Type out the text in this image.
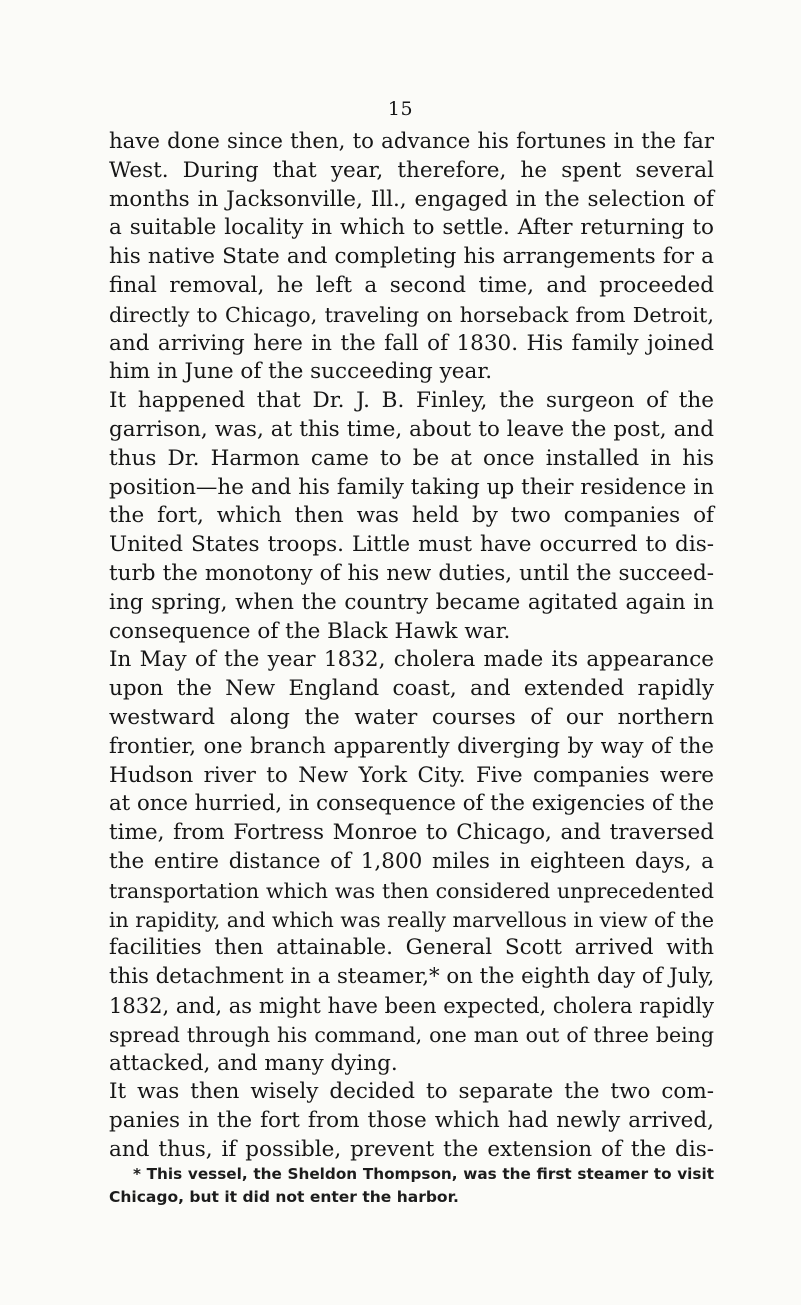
15
have done since then, to advance his fortunes in the far
West. During that year, therefore, he spent several
months in Jacksonville, Ill., engaged in the selection of
a suitable locality in which to settle. After returning to
his native State and completing his arrangements for a
final removal, he left a second time, and proceeded
directly to Chicago, traveling on horseback from Detroit,
and arriving here in the fall of 1830. His family joined
him in June of the succeeding year.
It happened that Dr. J. B. Finley, the surgeon of the
garrison, was, at this time, about to leave the post, and
thus Dr. Harmon came to be at once installed in his
position—he and his family taking up their residence in
the fort, which then was held by two companies of
United States troops. Little must have occurred to dis-
turb the monotony of his new duties, until the succeed-
ing spring, when the country became agitated again in
consequence of the Black Hawk war.
In May of the year 1832, cholera made its appearance
upon the New England coast, and extended rapidly
westward along the water courses of our northern
frontier, one branch apparently diverging by way of the
Hudson river to New York City. Five companies were
at once hurried, in consequence of the exigencies of the
time, from Fortress Monroe to Chicago, and traversed
the entire distance of 1,800 miles in eighteen days, a
transportation which was then considered unprecedented
in rapidity, and which was really marvellous in view of the
facilities then attainable. General Scott arrived with
this detachment in a steamer,* on the eighth day of July,
1832, and, as might have been expected, cholera rapidly
spread through his command, one man out of three being
attacked, and many dying.
It was then wisely decided to separate the two com-
panies in the fort from those which had newly arrived,
and thus, if possible, prevent the extension of the dis-
* This vessel, the Sheldon Thompson, was the first steamer to visit
Chicago, but it did not enter the harbor.
